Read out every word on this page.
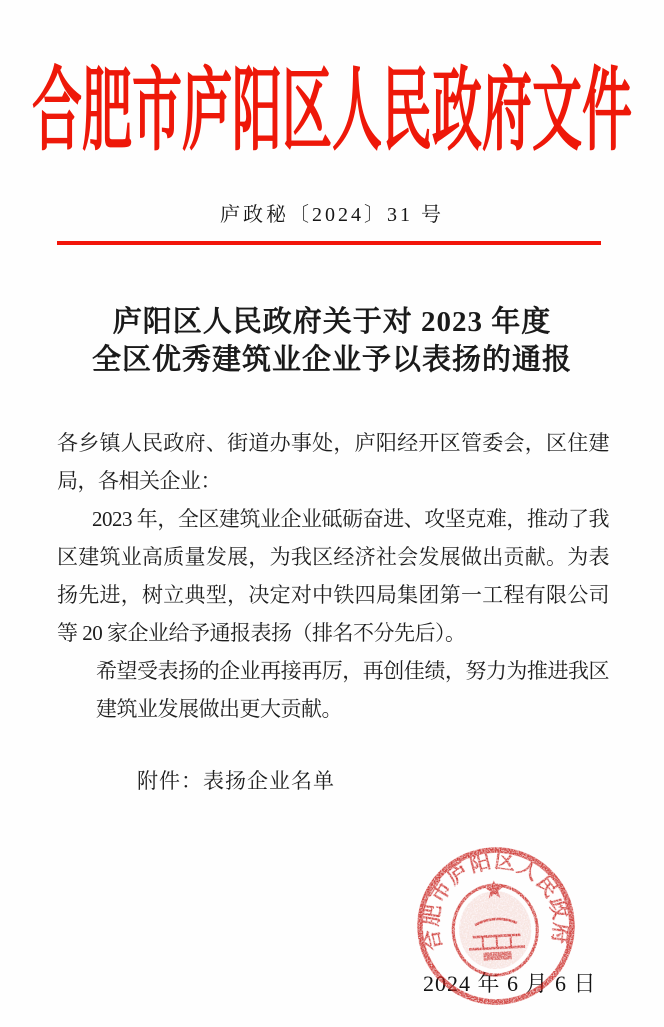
合肥市庐阳区人民政府文件
庐政秘〔2024〕31 号
庐阳区人民政府关于对 2023 年度
全区优秀建筑业企业予以表扬的通报
各乡镇人民政府、街道办事处，庐阳经开区管委会，区住建局，各相关企业：
2023 年，全区建筑业企业砥砺奋进、攻坚克难，推动了我区建筑业高质量发展，为我区经济社会发展做出贡献。为表扬先进，树立典型，决定对中铁四局集团第一工程有限公司等 20 家企业给予通报表扬（排名不分先后）。
希望受表扬的企业再接再厉，再创佳绩，努力为推进我区建筑业发展做出更大贡献。
附件：表扬企业名单
2024 年 6 月 6 日
合肥市庐阳区人民政府
